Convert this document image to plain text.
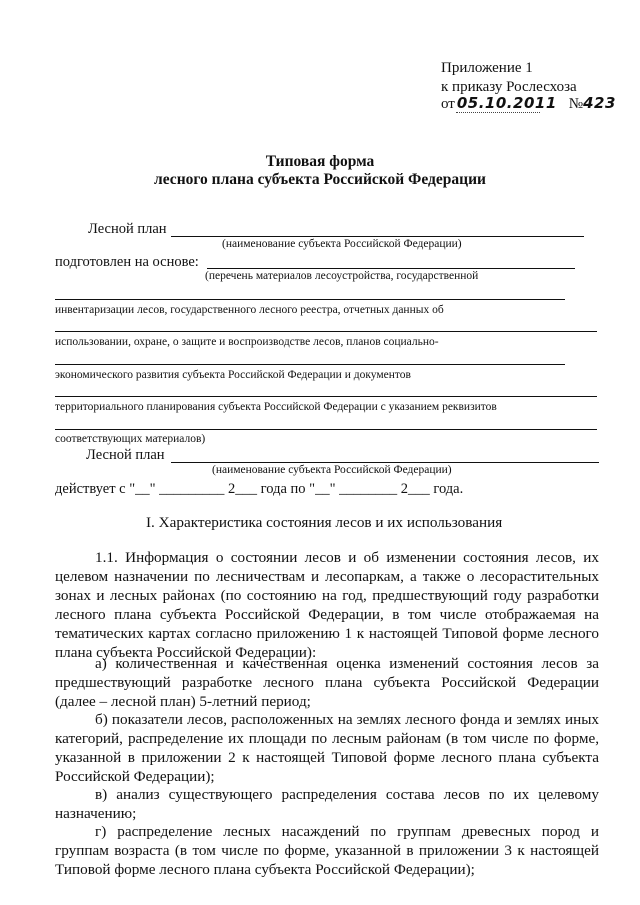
Приложение 1
к приказу Рослесхоза
от 05.10.2011 №423
Типовая форма
лесного плана субъекта Российской Федерации
Лесной план
(наименование субъекта Российской Федерации)
подготовлен на основе:
(перечень материалов лесоустройства, государственной
инвентаризации лесов, государственного лесного реестра, отчетных данных об
использовании, охране, о защите и воспроизводстве лесов, планов социально-
экономического развития субъекта Российской Федерации и документов
территориального планирования субъекта Российской Федерации с указанием реквизитов
соответствующих материалов)
Лесной план
(наименование субъекта Российской Федерации)
действует с "__" _________ 2___ года по "__" ________ 2___ года.
I. Характеристика состояния лесов и их использования
1.1. Информация о состоянии лесов и об изменении состояния лесов, их целевом назначении по лесничествам и лесопаркам, а также о лесорастительных зонах и лесных районах (по состоянию на год, предшествующий году разработки лесного плана субъекта Российской Федерации, в том числе отображаемая на тематических картах согласно приложению 1 к настоящей Типовой форме лесного плана субъекта Российской Федерации):
а) количественная и качественная оценка изменений состояния лесов за предшествующий разработке лесного плана субъекта Российской Федерации (далее – лесной план) 5-летний период;
б) показатели лесов, расположенных на землях лесного фонда и землях иных категорий, распределение их площади по лесным районам (в том числе по форме, указанной в приложении 2 к настоящей Типовой форме лесного плана субъекта Российской Федерации);
в) анализ существующего распределения состава лесов по их целевому назначению;
г) распределение лесных насаждений по группам древесных пород и группам возраста (в том числе по форме, указанной в приложении 3 к настоящей Типовой форме лесного плана субъекта Российской Федерации);
